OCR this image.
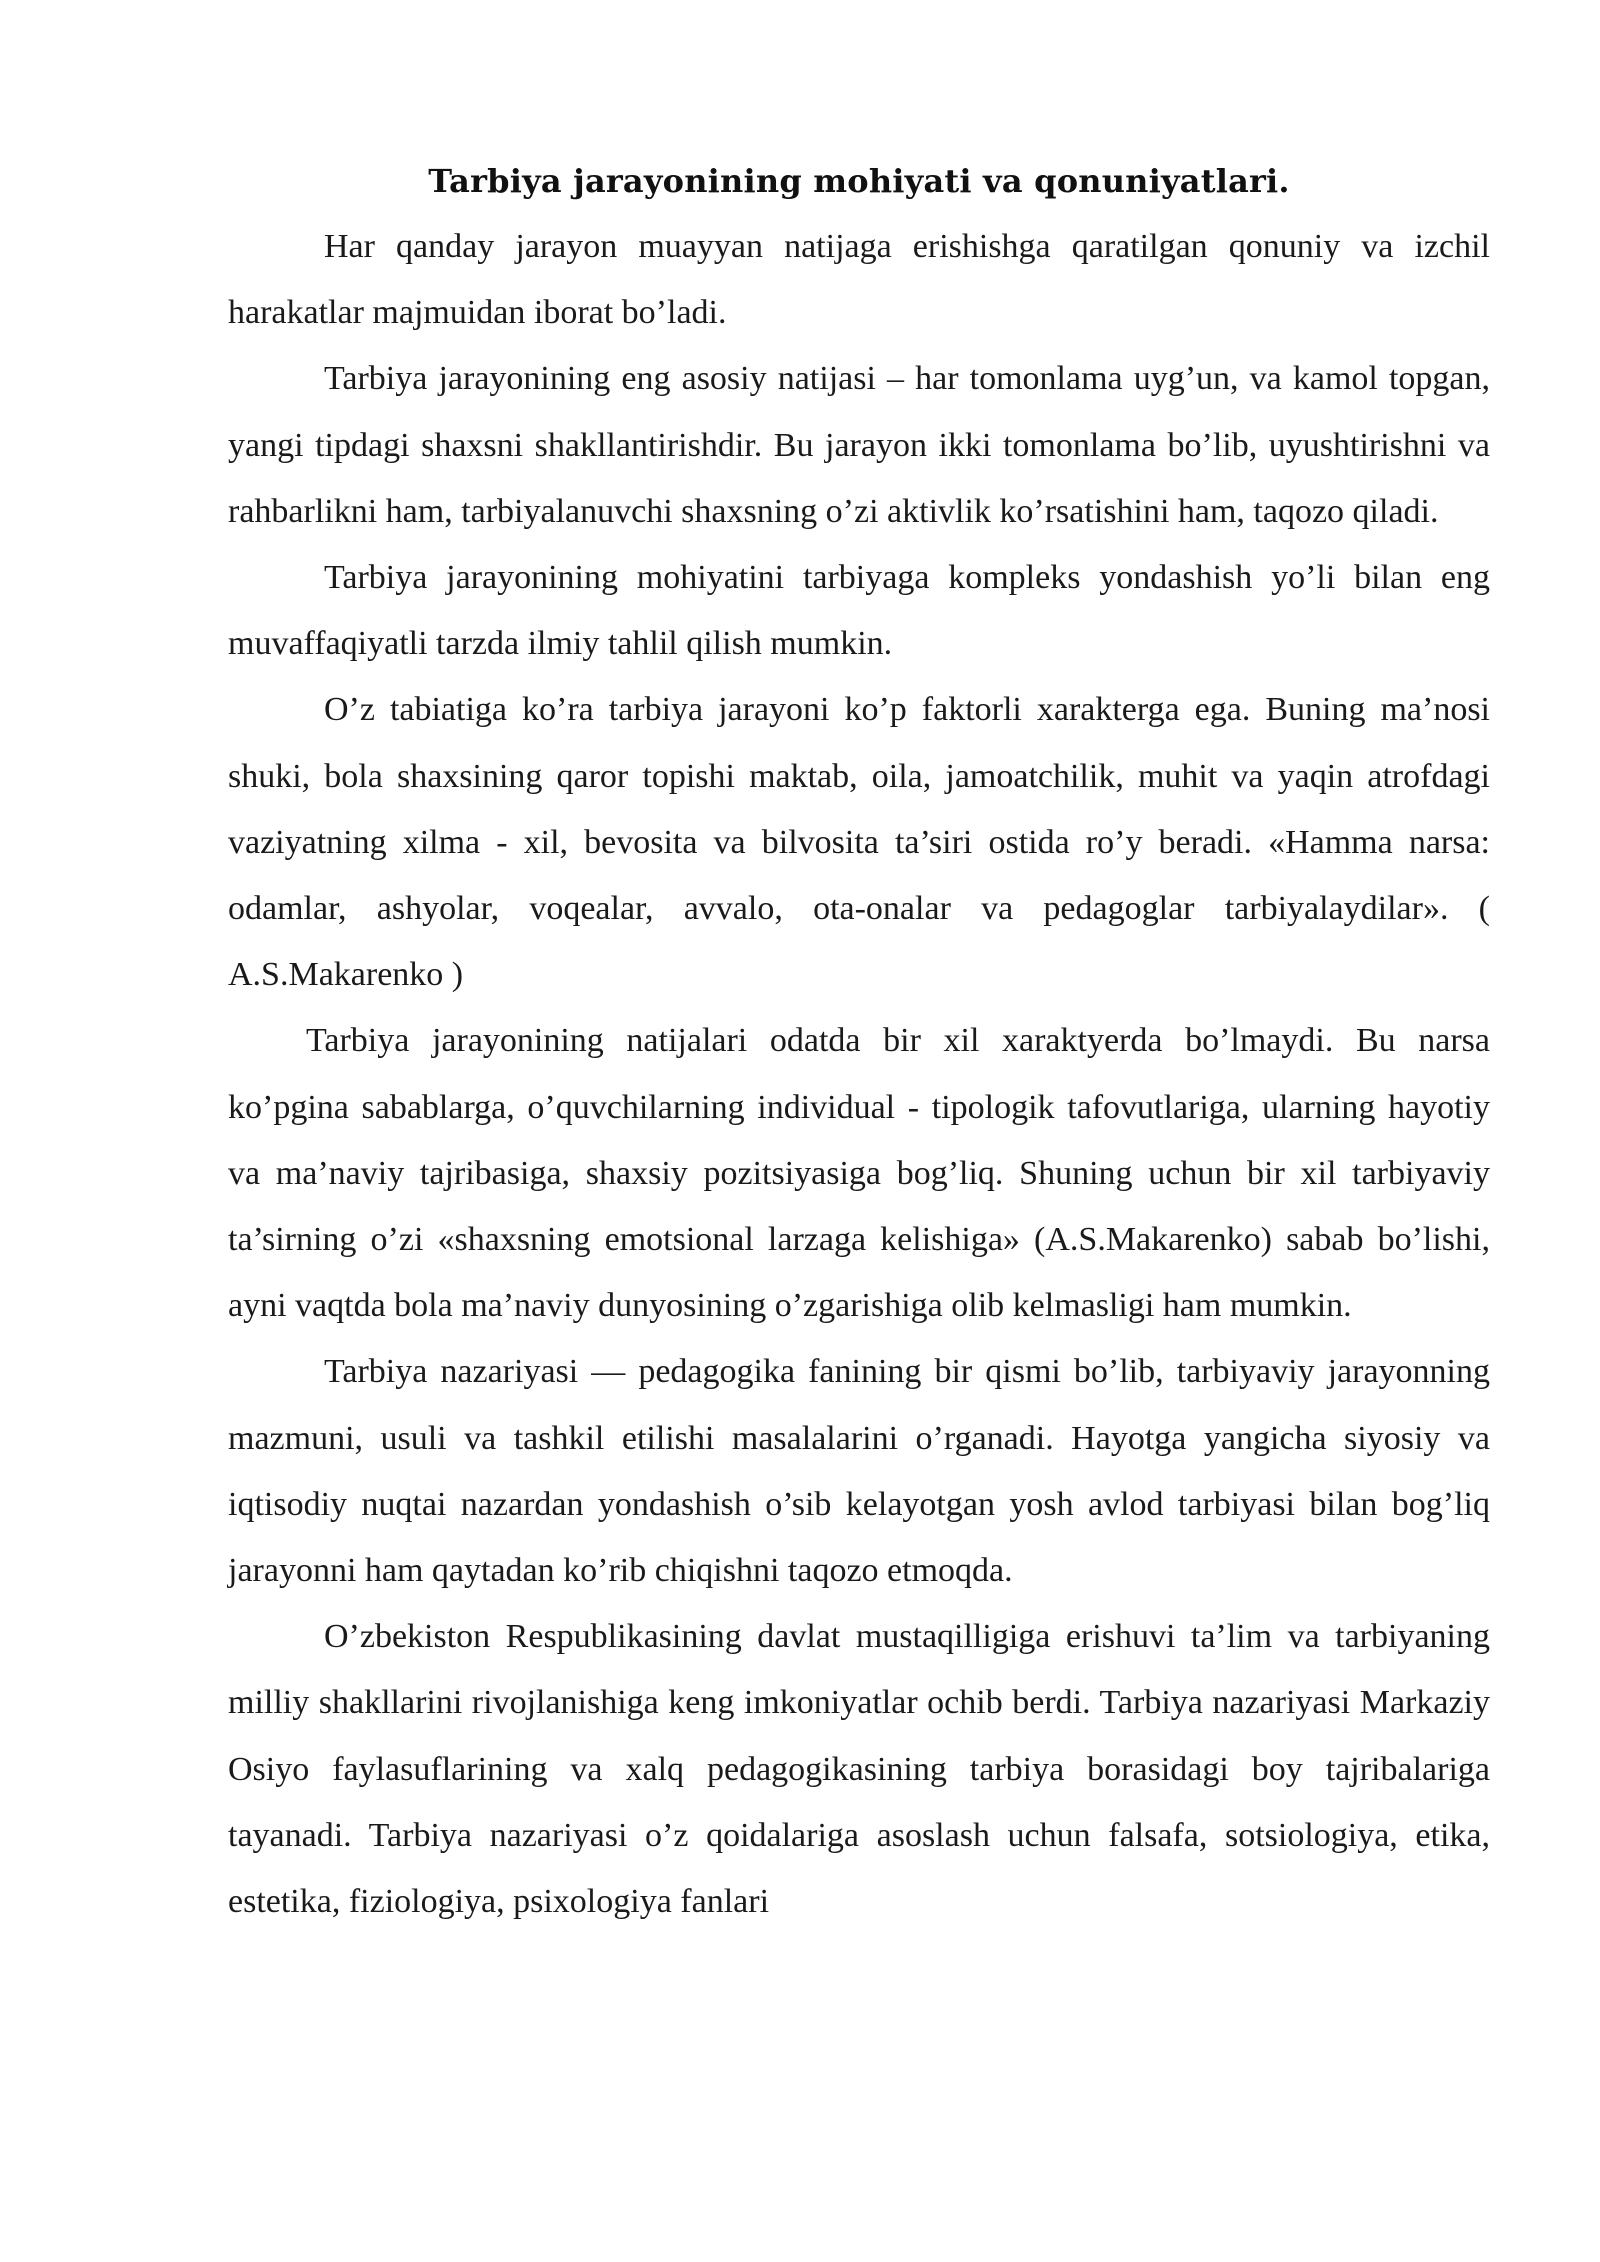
Tarbiya jarayonining mohiyati va qonuniyatlari.

Har qanday jarayon muayyan natijaga erishishga qaratilgan qonuniy va izchil harakatlar majmuidan iborat bo’ladi.

Tarbiya jarayonining eng asosiy natijasi – har tomonlama uyg’un, va kamol topgan, yangi tipdagi shaxsni shakllantirishdir. Bu jarayon ikki tomonlama bo’lib, uyushtirishni va rahbarlikni ham, tarbiyalanuvchi shaxsning o’zi aktivlik ko’rsatishini ham, taqozo qiladi.

Tarbiya jarayonining mohiyatini tarbiyaga kompleks yondashish yo’li bilan eng muvaffaqiyatli tarzda ilmiy tahlil qilish mumkin.

O’z tabiatiga ko’ra tarbiya jarayoni ko’p faktorli xarakterga ega. Buning ma’nosi shuki, bola shaxsining qaror topishi maktab, oila, jamoatchilik, muhit va yaqin atrofdagi vaziyatning xilma - xil, bevosita va bilvosita ta’siri ostida ro’y beradi. «Hamma narsa: odamlar, ashyolar, voqealar, avvalo, ota-onalar va pedagoglar tarbiyalaydilar». ( A.S.Makarenko )

Tarbiya jarayonining natijalari odatda bir xil xaraktyerda bo’lmaydi. Bu narsa ko’pgina sabablarga, o’quvchilarning individual - tipologik tafovutlariga, ularning hayotiy va ma’naviy tajribasiga, shaxsiy pozitsiyasiga bog’liq. Shuning uchun bir xil tarbiyaviy ta’sirning o’zi «shaxsning emotsional larzaga kelishiga» (A.S.Makarenko) sabab bo’lishi, ayni vaqtda bola ma’naviy dunyosining o’zgarishiga olib kelmasligi ham mumkin.

Tarbiya nazariyasi — pedagogika fanining bir qismi bo’lib, tarbiyaviy jarayonning mazmuni, usuli va tashkil etilishi masalalarini o’rganadi. Hayotga yangicha siyosiy va iqtisodiy nuqtai nazardan yondashish o’sib kelayotgan yosh avlod tarbiyasi bilan bog’liq jarayonni ham qaytadan ko’rib chiqishni taqozo etmoqda.

O’zbekiston Respublikasining davlat mustaqilligiga erishuvi ta’lim va tarbiyaning milliy shakllarini rivojlanishiga keng imkoniyatlar ochib berdi. Tarbiya nazariyasi Markaziy Osiyo faylasuflarining va xalq pedagogikasining tarbiya borasidagi boy tajribalariga tayanadi. Tarbiya nazariyasi o’z qoidalariga asoslash uchun falsafa, sotsiologiya, etika, estetika, fiziologiya, psixologiya fanlari
